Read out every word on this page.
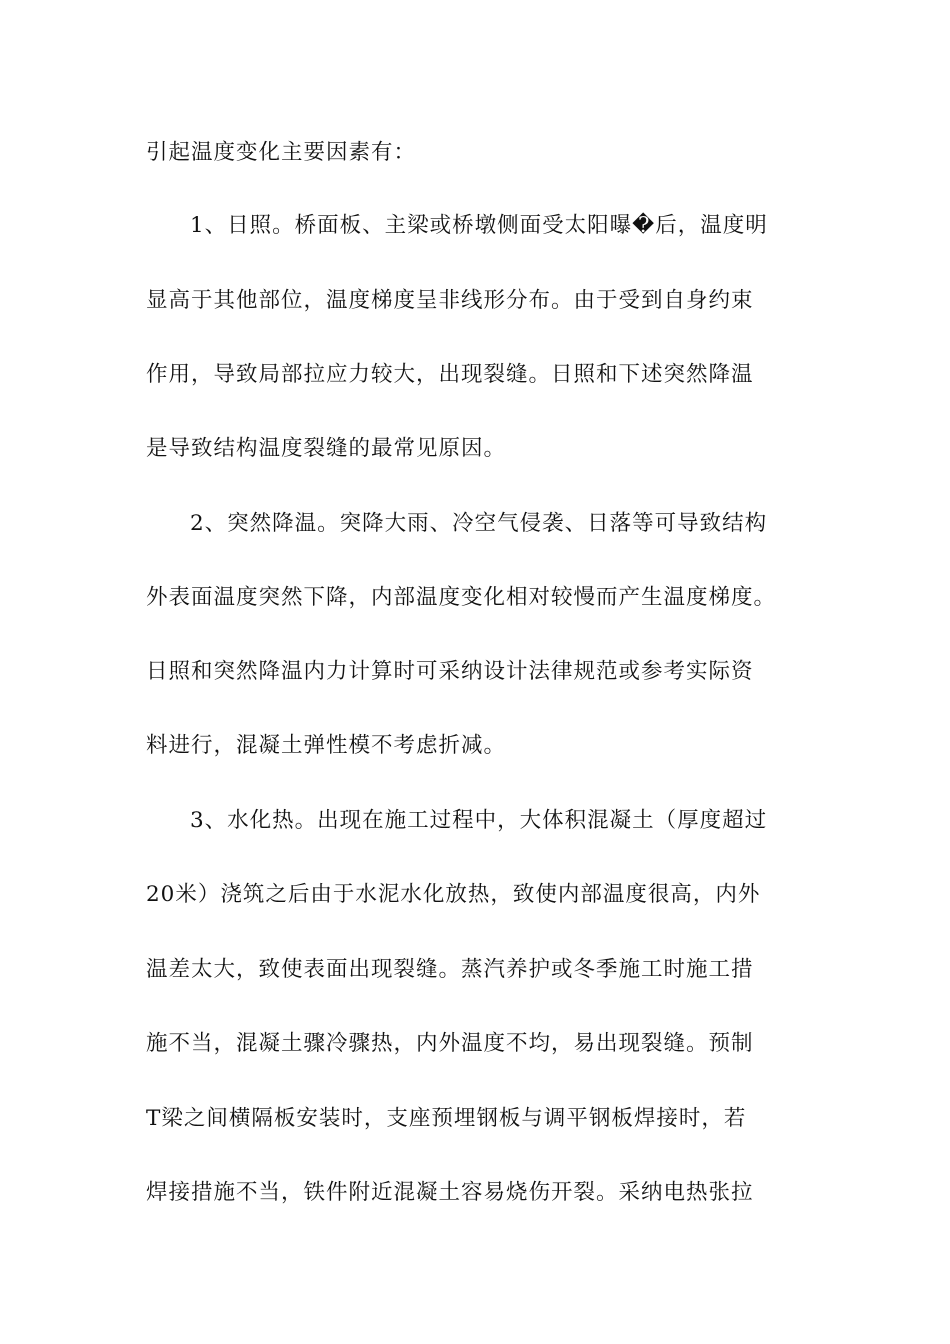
引起温度变化主要因素有：
1、日照。桥面板、主梁或桥墩侧面受太阳曝�后，温度明
显高于其他部位，温度梯度呈非线形分布。由于受到自身约束
作用，导致局部拉应力较大，出现裂缝。日照和下述突然降温
是导致结构温度裂缝的最常见原因。
2、突然降温。突降大雨、冷空气侵袭、日落等可导致结构
外表面温度突然下降，内部温度变化相对较慢而产生温度梯度。
日照和突然降温内力计算时可采纳设计法律规范或参考实际资
料进行，混凝土弹性模不考虑折减。
3、水化热。出现在施工过程中，大体积混凝土（厚度超过
20米）浇筑之后由于水泥水化放热，致使内部温度很高，内外
温差太大，致使表面出现裂缝。蒸汽养护或冬季施工时施工措
施不当，混凝土骤冷骤热，内外温度不均，易出现裂缝。预制
T梁之间横隔板安装时，支座预埋钢板与调平钢板焊接时，若
焊接措施不当，铁件附近混凝土容易烧伤开裂。采纳电热张拉
